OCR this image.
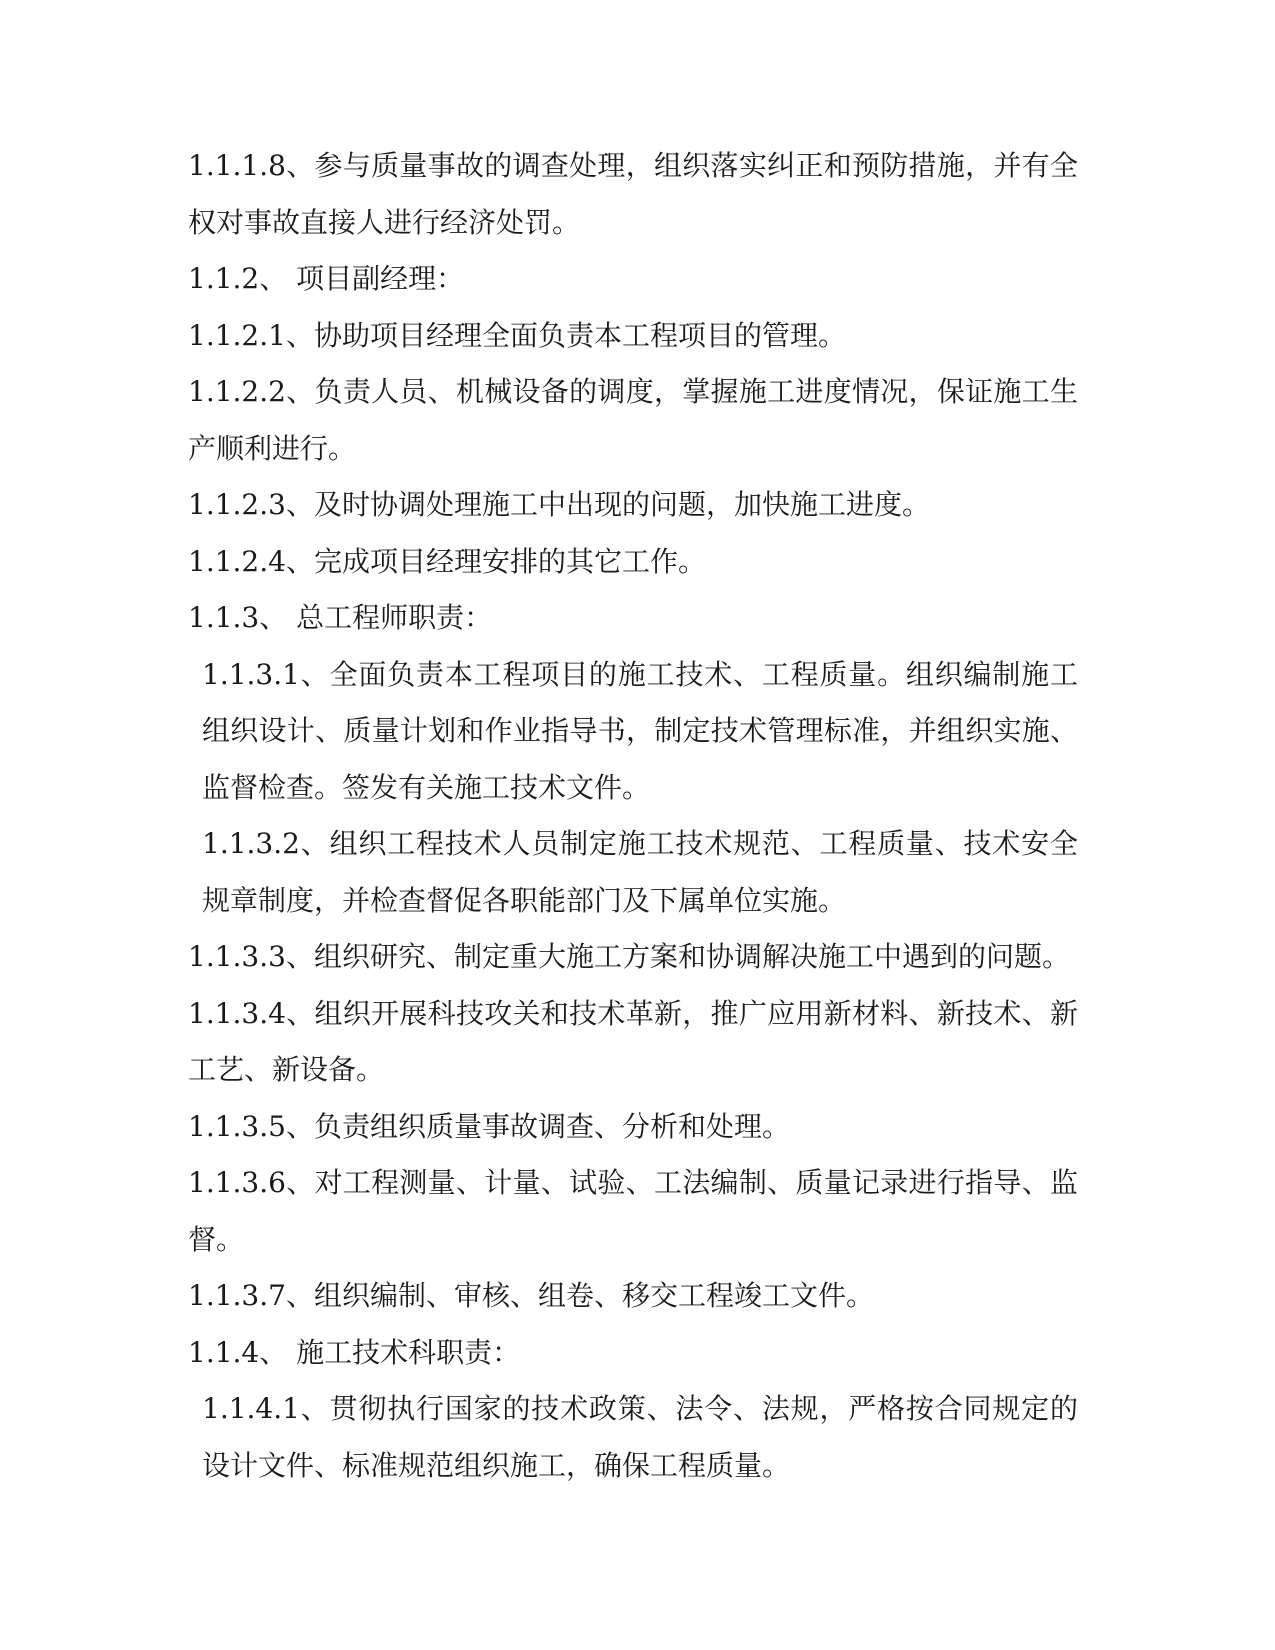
1.1.1.8、参与质量事故的调查处理，组织落实纠正和预防措施，并有全权对事故直接人进行经济处罚。

1.1.2、 项目副经理：

1.1.2.1、协助项目经理全面负责本工程项目的管理。

1.1.2.2、负责人员、机械设备的调度，掌握施工进度情况，保证施工生产顺利进行。

1.1.2.3、及时协调处理施工中出现的问题，加快施工进度。

1.1.2.4、完成项目经理安排的其它工作。

1.1.3、 总工程师职责：

1.1.3.1、全面负责本工程项目的施工技术、工程质量。组织编制施工组织设计、质量计划和作业指导书，制定技术管理标准，并组织实施、监督检查。签发有关施工技术文件。

1.1.3.2、组织工程技术人员制定施工技术规范、工程质量、技术安全规章制度，并检查督促各职能部门及下属单位实施。

1.1.3.3、组织研究、制定重大施工方案和协调解决施工中遇到的问题。

1.1.3.4、组织开展科技攻关和技术革新，推广应用新材料、新技术、新工艺、新设备。

1.1.3.5、负责组织质量事故调查、分析和处理。

1.1.3.6、对工程测量、计量、试验、工法编制、质量记录进行指导、监督。

1.1.3.7、组织编制、审核、组卷、移交工程竣工文件。

1.1.4、 施工技术科职责：

1.1.4.1、贯彻执行国家的技术政策、法令、法规，严格按合同规定的设计文件、标准规范组织施工，确保工程质量。
